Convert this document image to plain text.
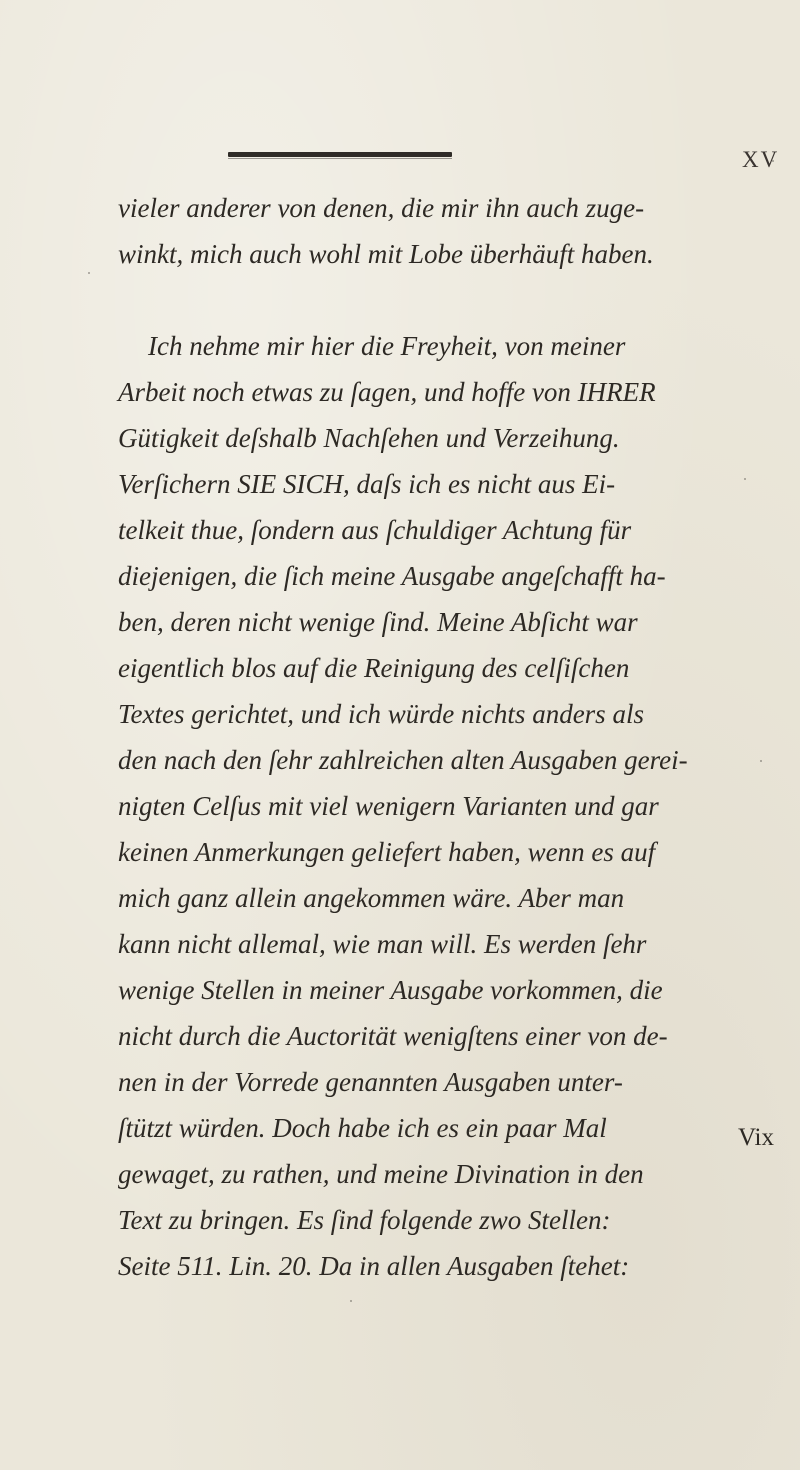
XV
vieler anderer von denen, die mir ihn auch zuge-
winkt, mich auch wohl mit Lobe überhäuft haben.
Ich nehme mir hier die Freyheit, von meiner
Arbeit noch etwas zu ſagen, und hoffe von IHRER
Gütigkeit deſshalb Nachſehen und Verzeihung.
Verſichern SIE SICH, daſs ich es nicht aus Ei-
telkeit thue, ſondern aus ſchuldiger Achtung für
diejenigen, die ſich meine Ausgabe angeſchafft ha-
ben, deren nicht wenige ſind. Meine Abſicht war
eigentlich blos auf die Reinigung des celſiſchen
Textes gerichtet, und ich würde nichts anders als
den nach den ſehr zahlreichen alten Ausgaben gerei-
nigten Celſus mit viel wenigern Varianten und gar
keinen Anmerkungen geliefert haben, wenn es auf
mich ganz allein angekommen wäre. Aber man
kann nicht allemal, wie man will. Es werden ſehr
wenige Stellen in meiner Ausgabe vorkommen, die
nicht durch die Auctorität wenigſtens einer von de-
nen in der Vorrede genannten Ausgaben unter-
ſtützt würden. Doch habe ich es ein paar Mal
gewaget, zu rathen, und meine Divination in den
Text zu bringen. Es ſind folgende zwo Stellen:
Seite 511. Lin. 20. Da in allen Ausgaben ſtehet:
Vix
